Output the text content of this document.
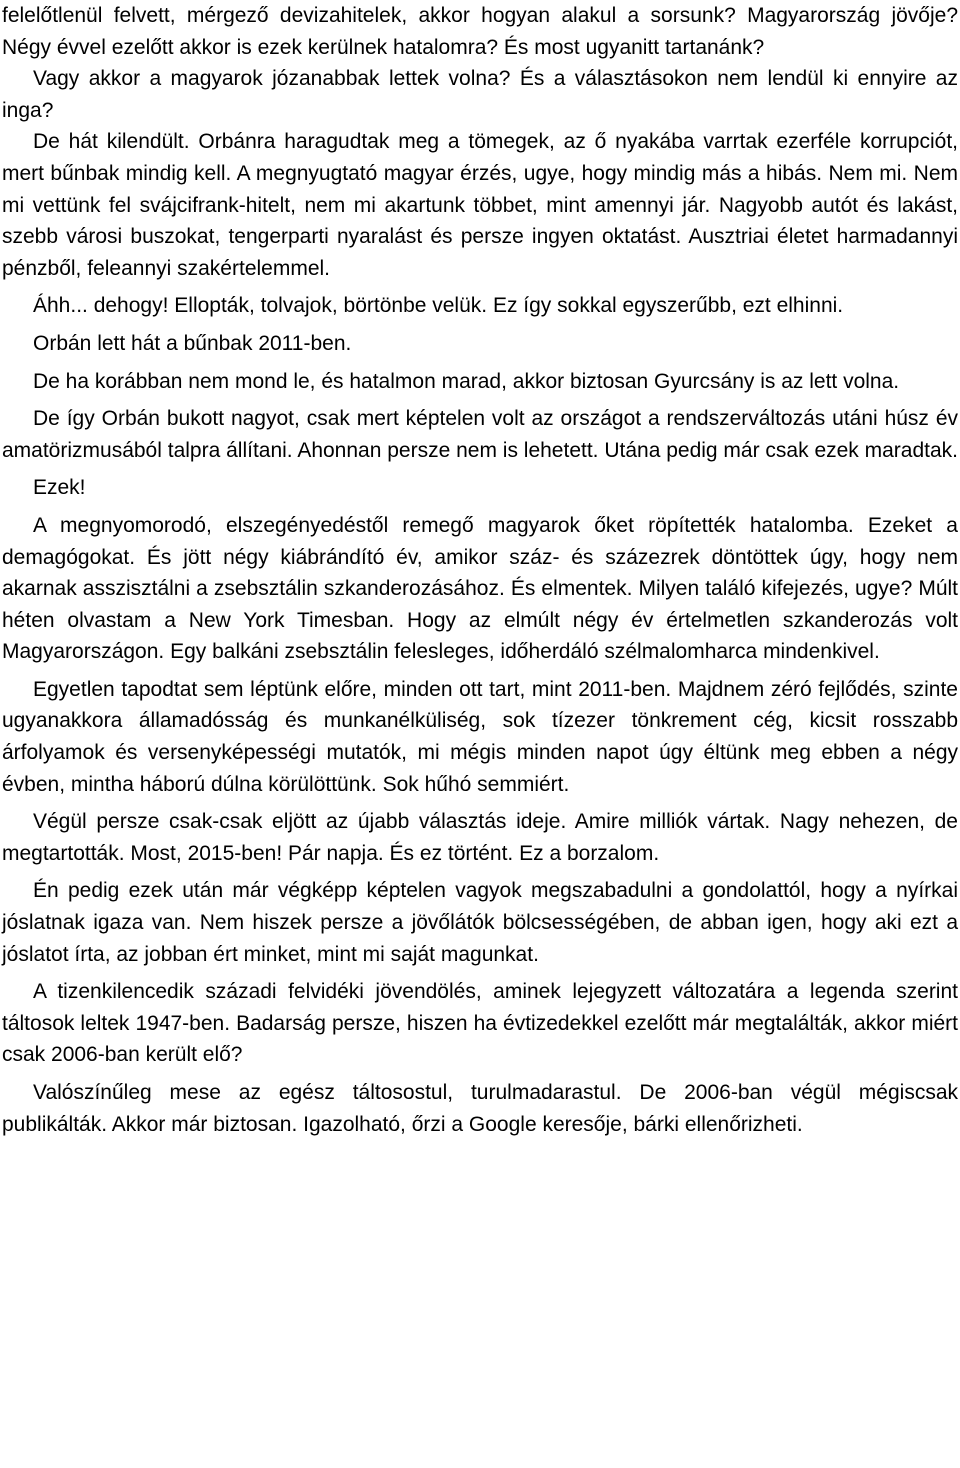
felelőtlenül felvett, mérgező devizahitelek, akkor hogyan alakul a sorsunk? Magyarország jövője? Négy évvel ezelőtt akkor is ezek kerülnek hatalomra? És most ugyanitt tartanánk?

Vagy akkor a magyarok józanabbak lettek volna? És a választásokon nem lendül ki ennyire az inga?

De hát kilendült. Orbánra haragudtak meg a tömegek, az ő nyakába varrtak ezerféle korrupciót, mert bűnbak mindig kell. A megnyugtató magyar érzés, ugye, hogy mindig más a hibás. Nem mi. Nem mi vettünk fel svájcifrank-hitelt, nem mi akartunk többet, mint amennyi jár. Nagyobb autót és lakást, szebb városi buszokat, tengerparti nyaralást és persze ingyen oktatást. Ausztriai életet harmadannyi pénzből, feleannyi szakértelemmel.

Áhh... dehogy! Ellopták, tolvajok, börtönbe velük. Ez így sokkal egyszerűbb, ezt elhinni.

Orbán lett hát a bűnbak 2011-ben.

De ha korábban nem mond le, és hatalmon marad, akkor biztosan Gyurcsány is az lett volna.

De így Orbán bukott nagyot, csak mert képtelen volt az országot a rendszerváltozás utáni húsz év amatörizmusából talpra állítani. Ahonnan persze nem is lehetett. Utána pedig már csak ezek maradtak.

Ezek!

A megnyomorodó, elszegényedéstől remegő magyarok őket röpítették hatalomba. Ezeket a demagógokat. És jött négy kiábrándító év, amikor száz- és százezrek döntöttek úgy, hogy nem akarnak asszisztálni a zsebsztálin szkanderozásához. És elmentek. Milyen találó kifejezés, ugye? Múlt héten olvastam a New York Timesban. Hogy az elmúlt négy év értelmetlen szkanderozás volt Magyarországon. Egy balkáni zsebsztálin felesleges, időherdáló szélmalomharca mindenkivel.

Egyetlen tapodtat sem léptünk előre, minden ott tart, mint 2011-ben. Majdnem zéró fejlődés, szinte ugyanakkora államadósság és munkanélküliség, sok tízezer tönkrement cég, kicsit rosszabb árfolyamok és versenyképességi mutatók, mi mégis minden napot úgy éltünk meg ebben a négy évben, mintha háború dúlna körülöttünk. Sok hűhó semmiért.

Végül persze csak-csak eljött az újabb választás ideje. Amire milliók vártak. Nagy nehezen, de megtartották. Most, 2015-ben! Pár napja. És ez történt. Ez a borzalom.

Én pedig ezek után már végképp képtelen vagyok megszabadulni a gondolattól, hogy a nyírkai jóslatnak igaza van. Nem hiszek persze a jövőlátók bölcsességében, de abban igen, hogy aki ezt a jóslatot írta, az jobban ért minket, mint mi saját magunkat.

A tizenkilencedik századi felvidéki jövendölés, aminek lejegyzett változatára a legenda szerint táltosok leltek 1947-ben. Badarság persze, hiszen ha évtizedekkel ezelőtt már megtalálták, akkor miért csak 2006-ban került elő?

Valószínűleg mese az egész táltosostul, turulmadarastul. De 2006-ban végül mégiscsak publikálták. Akkor már biztosan. Igazolható, őrzi a Google keresője, bárki ellenőrizheti.
